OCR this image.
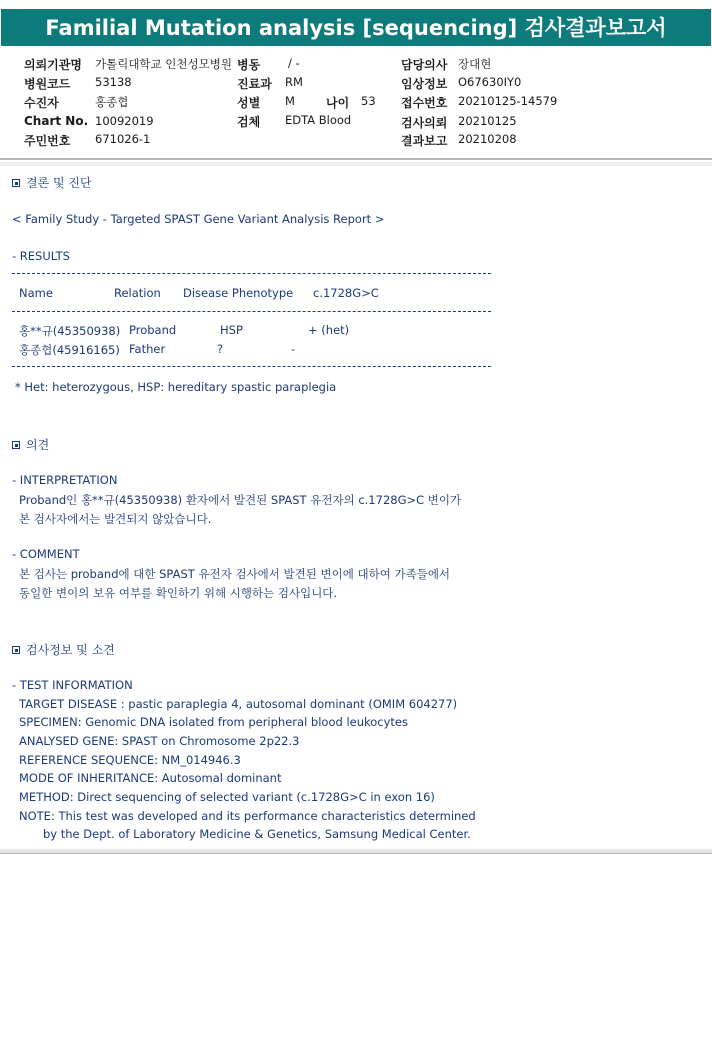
Familial Mutation analysis [sequencing] 검사결과보고서
의뢰기관명 가톨릭대학교 인천성모병원 병동 / -	담당의사 장대현
병원코드 53138	진료과 RM	임상정보 O67630IY0
수진자	홍종협	성별 M	나이 53 접수번호 20210125-14579
Chart No. 10092019	검체 EDTA Blood	검사의뢰 20210125
주민번호 671026-1	결과보고 20210208
결론 및 진단
< Family Study - Targeted SPAST Gene Variant Analysis Report >
- RESULTS
Name	Relation Disease Phenotype c.1728G>C
홍**규(45350938) Proband	HSP	+ (het)
홍종협(45916165) Father	?	-
* Het: heterozygous, HSP: hereditary spastic paraplegia
의견
- INTERPRETATION
Proband인 홍**규(45350938) 환자에서 발견된 SPAST 유전자의 c.1728G>C 변이가
본 검사자에서는 발견되지 않았습니다.
- COMMENT
본 검사는 proband에 대한 SPAST 유전자 검사에서 발견된 변이에 대하여 가족들에서
동일한 변이의 보유 여부를 확인하기 위해 시행하는 검사입니다.
검사정보 및 소견
- TEST INFORMATION
TARGET DISEASE : pastic paraplegia 4, autosomal dominant (OMIM 604277)
SPECIMEN: Genomic DNA isolated from peripheral blood leukocytes
ANALYSED GENE: SPAST on Chromosome 2p22.3
REFERENCE SEQUENCE: NM_014946.3
MODE OF INHERITANCE: Autosomal dominant
METHOD: Direct sequencing of selected variant (c.1728G>C in exon 16)
NOTE: This test was developed and its performance characteristics determined
by the Dept. of Laboratory Medicine & Genetics, Samsung Medical Center.
